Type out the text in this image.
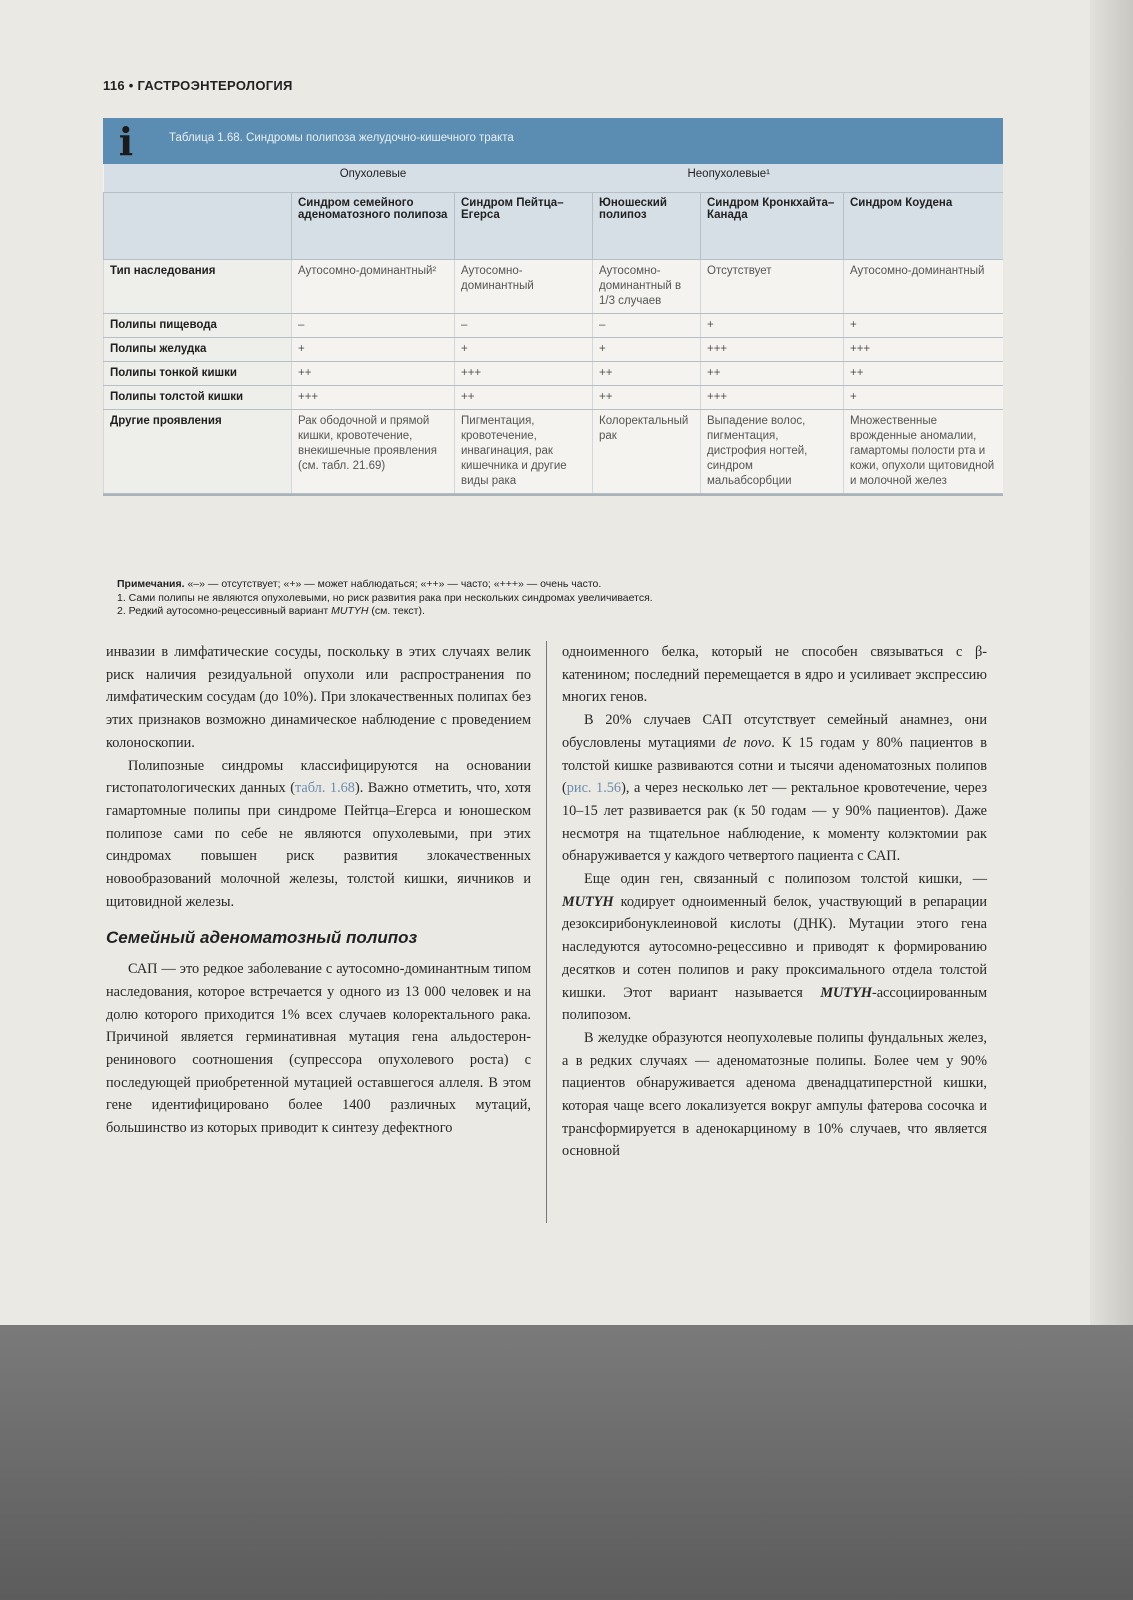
116 • ГАСТРОЭНТЕРОЛОГИЯ
i	Таблица 1.68. Синдромы полипоза желудочно-кишечного тракта
	Опухолевые	Неопухолевые¹			
	Синдром семейного аденоматозного полипоза	Синдром Пейтца–Егерса	Юношеский полипоз	Синдром Кронкхайта–Канада	Синдром Коудена
Тип наследования	Аутосомно-доминантный²	Аутосомно-доминантный	Аутосомно-доминантный в 1/3 случаев	Отсутствует	Аутосомно-доминантный
Полипы пищевода	–	–	–	+	+
Полипы желудка	+	+	+	+++	+++
Полипы тонкой кишки	++	+++	++	++	++
Полипы толстой кишки	+++	++	++	+++	+
Другие проявления	Рак ободочной и прямой кишки, кровотечение, внекишечные проявления (см. табл. 21.69)	Пигментация, кровотечение, инвагинация, рак кишечника и другие виды рака	Колоректальный рак	Выпадение волос, пигментация, дистрофия ногтей, синдром мальабсорбции	Множественные врожденные аномалии, гамартомы полости рта и кожи, опухоли щитовидной и молочной желез
Примечания. «–» — отсутствует; «+» — может наблюдаться; «++» — часто; «+++» — очень часто.
1. Сами полипы не являются опухолевыми, но риск развития рака при нескольких синдромах увеличивается.
2. Редкий аутосомно-рецессивный вариант MUTYH (см. текст).

инвазии в лимфатические сосуды, поскольку в этих случаях велик риск наличия резидуальной опухоли или распространения по лимфатическим сосудам (до 10%). При злокачественных полипах без этих признаков возможно динамическое наблюдение с проведением колоноскопии.

Полипозные синдромы классифицируются на основании гистопатологических данных (табл. 1.68). Важно отметить, что, хотя гамартомные полипы при синдроме Пейтца–Егерса и юношеском полипозе сами по себе не являются опухолевыми, при этих синдромах повышен риск развития злокачественных новообразований молочной железы, толстой кишки, яичников и щитовидной железы.

Семейный аденоматозный полипоз

САП — это редкое заболевание с аутосомно-доминантным типом наследования, которое встречается у одного из 13 000 человек и на долю которого приходится 1% всех случаев колоректального рака. Причиной является герминативная мутация гена альдостерон-ренинового соотношения (супрессора опухолевого роста) с последующей приобретенной мутацией оставшегося аллеля. В этом гене идентифицировано более 1400 различных мутаций, большинство из которых приводит к синтезу дефектного

одноименного белка, который не способен связываться с β-катенином; последний перемещается в ядро и усиливает экспрессию многих генов.

В 20% случаев САП отсутствует семейный анамнез, они обусловлены мутациями de novo. К 15 годам у 80% пациентов в толстой кишке развиваются сотни и тысячи аденоматозных полипов (рис. 1.56), а через несколько лет — ректальное кровотечение, через 10–15 лет развивается рак (к 50 годам — у 90% пациентов). Даже несмотря на тщательное наблюдение, к моменту колэктомии рак обнаруживается у каждого четвертого пациента с САП.

Еще один ген, связанный с полипозом толстой кишки, — MUTYH кодирует одноименный белок, участвующий в репарации дезоксирибонуклеиновой кислоты (ДНК). Мутации этого гена наследуются аутосомно-рецессивно и приводят к формированию десятков и сотен полипов и раку проксимального отдела толстой кишки. Этот вариант называется MUTYH-ассоциированным полипозом.

В желудке образуются неопухолевые полипы фундальных желез, а в редких случаях — аденоматозные полипы. Более чем у 90% пациентов обнаруживается аденома двенадцатиперстной кишки, которая чаще всего локализуется вокруг ампулы фатерова сосочка и трансформируется в аденокарциному в 10% случаев, что является основной
